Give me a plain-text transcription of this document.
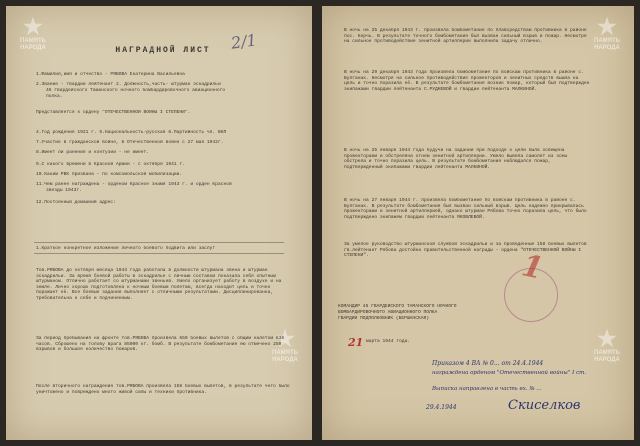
★
ПАМЯТЬ
НАРОДА
★
ПАМЯТЬ
НАРОДА
НАГРАДНОЙ ЛИСТ	2/1
1.Фамилия,имя и отчество - РЯБОВА Екатерина Васильевна
2.Звание - гвардии лейтенант 2. Должность,часть- штурман эскадрильи
46 гвардейского Таманского ночного бомбардировочного авиационного
полка.
Представляется к ордену "ОТЕЧЕСТВЕННОЙ ВОЙНЫ I СТЕПЕНИ".
4.Год рождения 1921 г. 5.Национальность-русская 6.Партийность чл. ВКП
7.Участие в гражданской войне, в Отечественной войне с 27 мая 1942г.
8.Имеет ли ранения и контузии - не имеет.
9.С какого времени в Красной Армии - с октября 1941 г.
10.Каким РВК призвана - по комсомольской мобилизации.
11.Чем ранее награждена - орденом Красное знамя 1943 г. и орден Красной
звезды 1943г.
12.Постоянный домашний адрес:
1.Краткое конкретное изложение личного боевого подвига или заслуг
Тов.РЯБОВА до октября месяца 1943 года работала в должности штурмана звена и штурман эскадрильи. За время боевой работы в эскадрилье с личным составом показала себя опытным штурманом. Отлично работает со штурманами звеньев. Умело организует работу в воздухе и на земле. Лично хорошо подготовлена к ночным боевым полетам, всегда находит цель и точно поражает её. Все боевые задания выполняет с отличными результатами. Дисциплинированна, требовательна к себе и подчиненным.
За период пребывания на фронте тов.РЯБОВА произвела 650 боевых вылетов с общим налётом 836 часов. Сброшено на голову врага 85000 кг. бомб. В результате бомбометания ею отмечено 250 взрывов и большое количество пожаров.
После вторичного награждения тов.РЯБОВА произвела 158 боевых вылетов, в результате чего было уничтожено и повреждено много живой силы и техники противника.
★
ПАМЯТЬ
НАРОДА
★
ПАМЯТЬ
НАРОДА
В ночь на 25 декабря 1943 г. произвела бомбометание по плавсредствам противника в районе пос. Керчь. В результате точного бомбометания был вызван сильный взрыв и пожар. Несмотря на сильное противодействие зенитной артиллерии выполнила задачу отлично.
В ночь на 29 декабря 1943 года произвела бомбометание по войскам противника в районе с. Булганак. Несмотря на сильное противодействие прожекторов и зенитных средств вышла на цель и точно поразила её. В результате бомбометания возник пожар, который был подтвержден экипажами гвардии лейтенанта С.РУДНЕВОЙ и гвардии лейтенанта МАЛКИНОЙ.
В ночь на 25 января 1944 года будучи на задании при подходе к цели была освещена прожекторами и обстреляна огнем зенитной артиллерии. Умело вывела самолет из зоны обстрела и точно поразила цель. В результате бомбометания наблюдался пожар, подтвержденный экипажами гвардии лейтенанта МАЛКИНОЙ.
В ночь на 27 января 1944 г. произвела бомбометание по войскам противника в районе с. Булганак. В результате бомбометания был вызван сильный взрыв. Цель надежно прикрывалась прожекторами и зенитной артиллерией, однако штурман Рябова точно поразила цель, что было подтверждено экипажем гвардии лейтенанта ЯКОВЛЕВОЙ.
За умелое руководство штурманской службой эскадрильи и за проведенные 158 боевых вылетов гв.лейтенант Рябова достойна правительственной награды - ордена "ОТЕЧЕСТВЕННОЙ ВОЙНЫ I СТЕПЕНИ".
КОМАНДИР 46 ГВАРДЕЙСКОГО ТАМАНСКОГО НОЧНОГО
БОМБАРДИРОВОЧНОГО АВИАЦИОННОГО ПОЛКА
ГВАРДИИ ПОДПОЛКОВНИК (БЕРШАНСКАЯ)
21 марта 1944 года.
1
Приказом 4 ВА № 0... от 24.4.1944
награждена орденом "Отечественной войны" I ст.
Выписка направлена в часть вх. № ...
29.4.1944	Скиселков
